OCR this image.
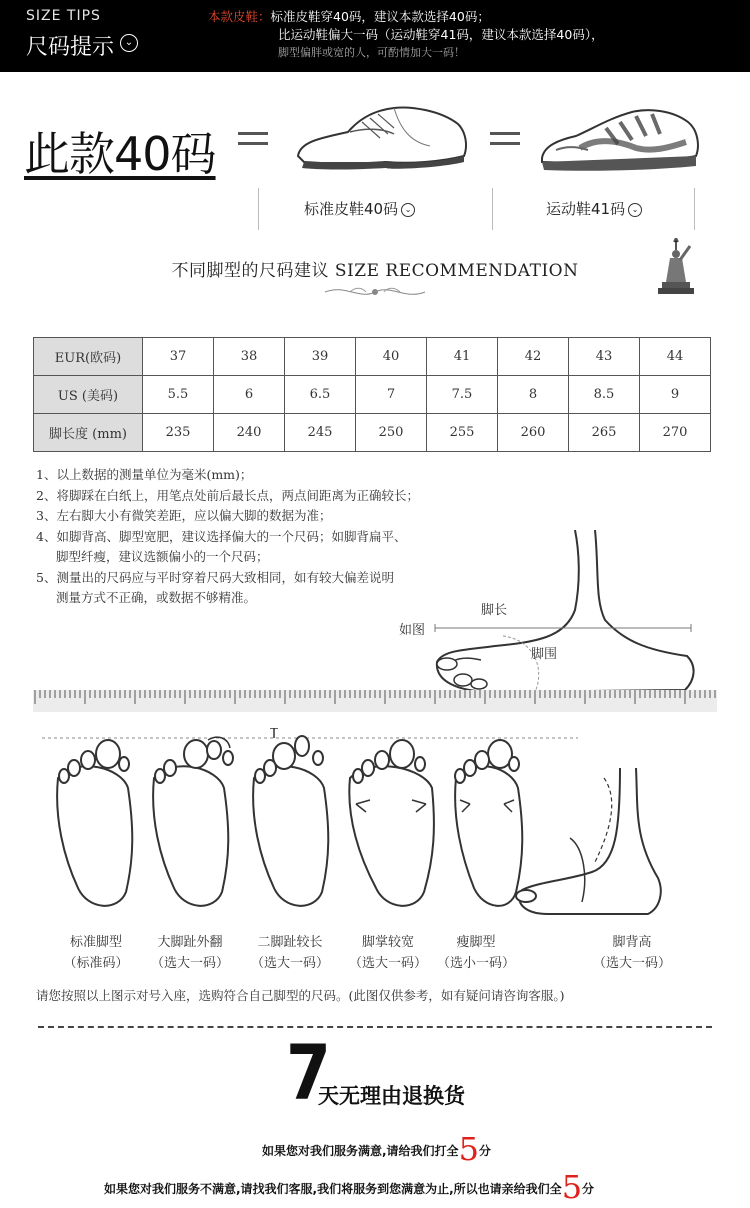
SIZE TIPS
尺码提示	⌄
本款皮鞋：标准皮鞋穿40码，建议本款选择40码；
比运动鞋偏大一码（运动鞋穿41码，建议本款选择40码），
脚型偏胖或宽的人，可酌情加大一码！
此款40码
标准皮鞋40码 ⌄	运动鞋41码 ⌄
不同脚型的尺码建议 SIZE RECOMMENDATION
EUR(欧码)	37	38	39	40	41	42	43	44
US (美码)	5.5	6	6.5	7	7.5	8	8.5	9
脚长度 (mm)	235	240	245	250	255	260	265	270
1、以上数据的测量单位为毫米(mm)；
2、将脚踩在白纸上，用笔点处前后最长点，两点间距离为正确较长；
3、左右脚大小有微笑差距，应以偏大脚的数据为准；
4、如脚背高、脚型宽肥，建议选择偏大的一个尺码；如脚背扁平、
脚型纤瘦，建议选额偏小的一个尺码；
5、测量出的尺码应与平时穿着尺码大致相同，如有较大偏差说明
测量方式不正确，或数据不够精准。
脚长
脚围
如图
标准脚型
（标准码）
大脚趾外翻
（选大一码）
二脚趾较长
（选大一码）
脚掌较宽
（选大一码）
瘦脚型
（选小一码）
脚背高
（选大一码）
请您按照以上图示对号入座，选购符合自己脚型的尺码。(此图仅供参考，如有疑问请咨询客服。)
7
天无理由退换货
如果您对我们服务满意,请给我们打全5分
如果您对我们服务不满意,请找我们客服,我们将服务到您满意为止,所以也请亲给我们全5分
